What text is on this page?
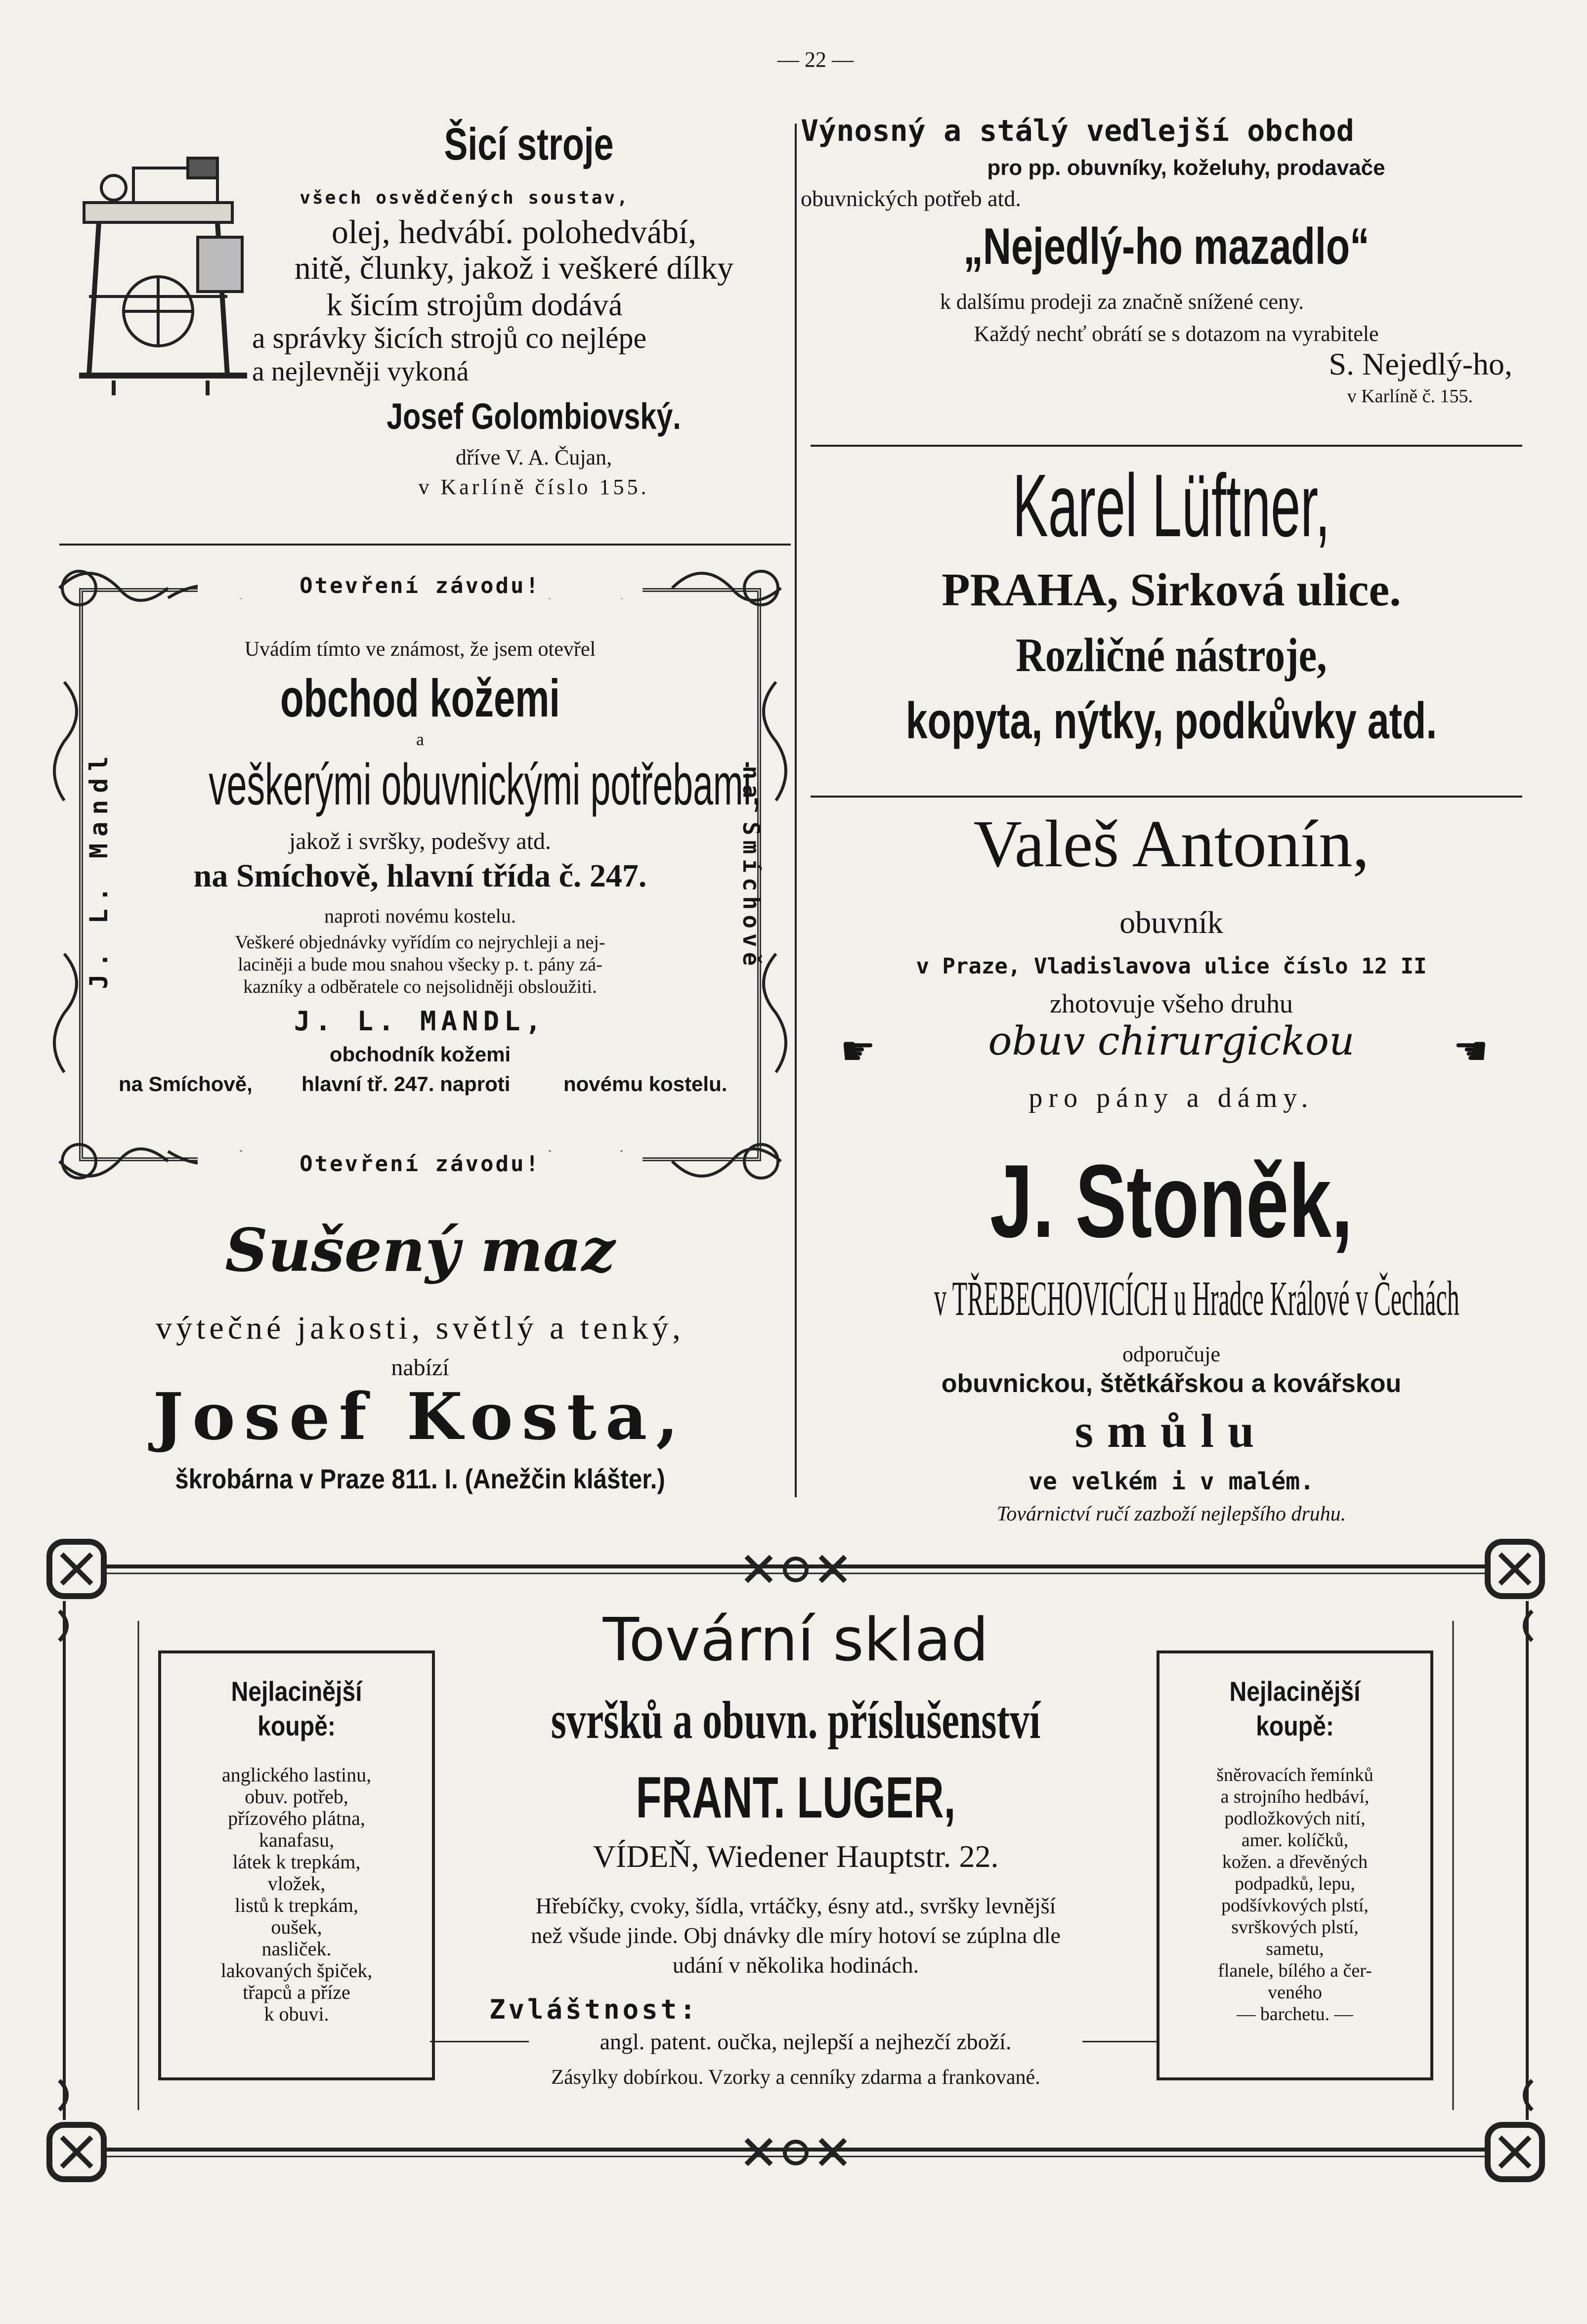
— 22 —
Šicí stroje
všech osvědčených soustav,
olej, hedvábí. polohedvábí,
nitě, člunky, jakož i veškeré dílky
k šicím strojům dodává
a správky šicích strojů co nejlépe
a nejlevněji vykoná
Josef Golombiovský.
dříve V. A. Čujan,
v Karlíně číslo 155.
Otevření závodu!
Uvádím tímto ve známost, že jsem otevřel
obchod kožemi
a
veškerými obuvnickými potřebami,
jakož i svršky, podešvy atd.
na Smíchově, hlavní třída č. 247.
naproti novému kostelu.
Veškeré objednávky vyřídím co nejrychleji a nej-
laciněji a bude mou snahou všecky p. t. pány zá-
kazníky a odběratele co nejsolidněji obsloužiti.
J. L. MANDL,
obchodník kožemi
na Smíchově,	hlavní tř. 247. naproti	novému kostelu.
J. L. Mandl	na Smíchově
Otevření závodu!
Sušený maz
výtečné jakosti, světlý a tenký,
nabízí
Josef Kosta,
škrobárna v Praze 811. I. (Anežčin klášter.)
Výnosný a stálý vedlejší obchod
pro pp. obuvníky, koželuhy, prodavače
obuvnických potřeb atd.
„Nejedlý-ho mazadlo“
k dalšímu prodeji za značně snížené ceny.
Každý nechť obrátí se s dotazom na vyrabitele
S. Nejedlý-ho,
v Karlíně č. 155.
Karel Lüftner,
PRAHA, Sirková ulice.
Rozličné nástroje,
kopyta, nýtky, podkůvky atd.
Valeš Antonín,
obuvník
v Praze, Vladislavova ulice číslo 12 II
zhotovuje všeho druhu
obuv chirurgickou
☛	☛
pro pány a dámy.
J. Stoněk,
v TŘEBECHOVICÍCH u Hradce Králové v Čechách
odporučuje
obuvnickou, štětkářskou a kovářskou
smůlu
ve velkém i v malém.
Továrnictví ručí zazboží nejlepšího druhu.
Nejlacinější
koupě:
anglického lastinu,
obuv. potřeb,
přízového plátna,
kanafasu,
látek k trepkám,
vložek,
listů k trepkám,
oušek,
nasliček.
lakovaných špiček,
třapců a příze
k obuvi.
Nejlacinější
koupě:
šněrovacích řemínků
a strojního hedbáví,
podložkových nití,
amer. kolíčků,
kožen. a dřevěných
podpadků, lepu,
podšívkových plstí,
svrškových plstí,
sametu,
flanele, bílého a čer-
veného
— barchetu. —
Tovární sklad
svršků a obuvn. příslušenství
FRANT. LUGER,
VÍDEŇ, Wiedener Hauptstr. 22.
Hřebíčky, cvoky, šídla, vrtáčky, ésny atd., svršky levnější
než všude jinde. Obj dnávky dle míry hotoví se zúplna dle
udání v několika hodinách.
Zvláštnost:
angl. patent. oučka, nejlepší a nejhezčí zboží.
Zásylky dobírkou. Vzorky a cenníky zdarma a frankované.
